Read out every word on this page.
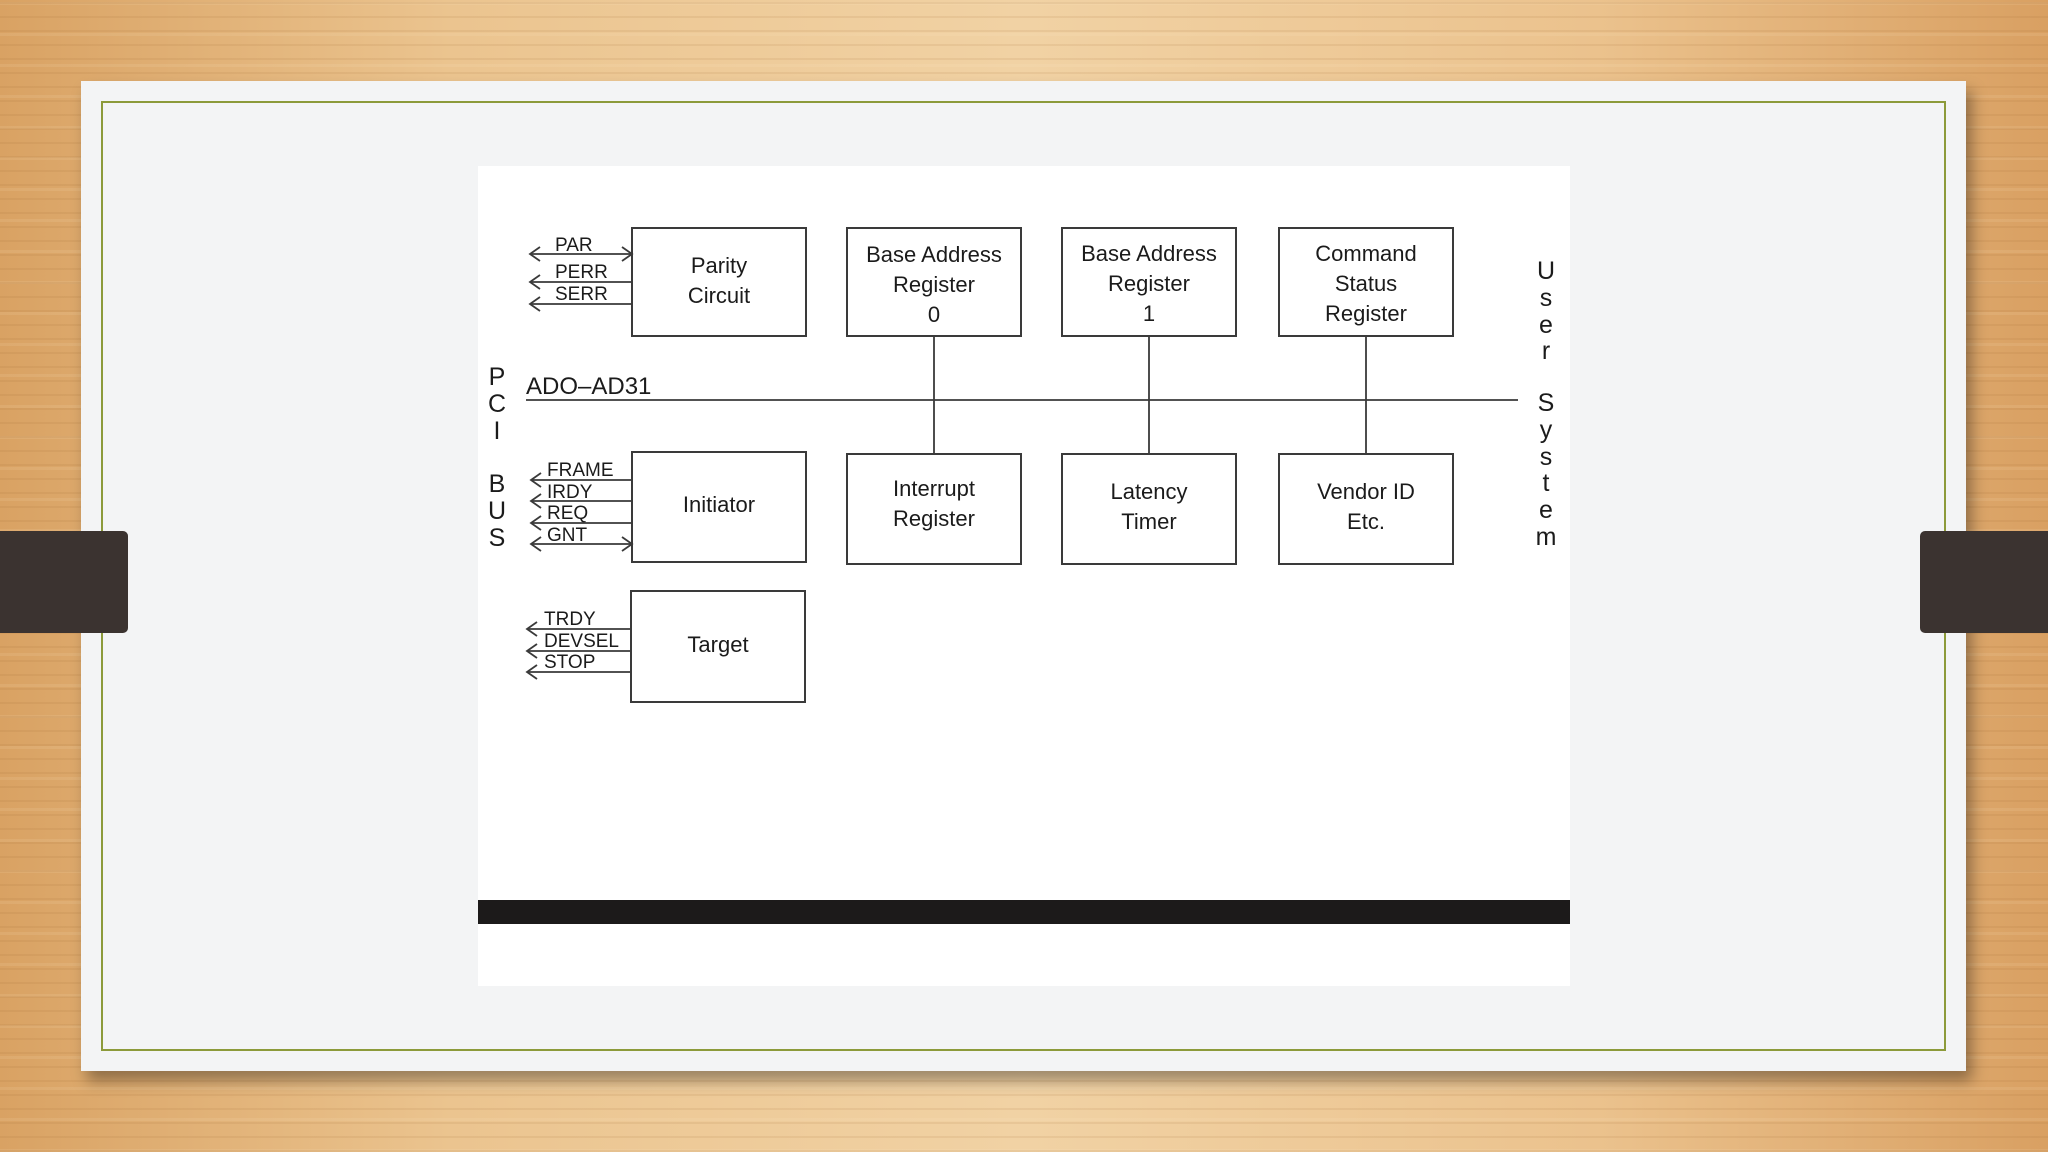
ADO–AD31
P
C
I
B
U
S
U
s
e
r
S
y
s
t
e
m
Parity
Circuit
Base Address
Register
0
Base Address
Register
1
Command
Status
Register
Initiator
Interrupt
Register
Latency
Timer
Vendor ID
Etc.
Target
PAR
PERR
SERR
FRAME
IRDY
REQ
GNT
TRDY
DEVSEL
STOP
